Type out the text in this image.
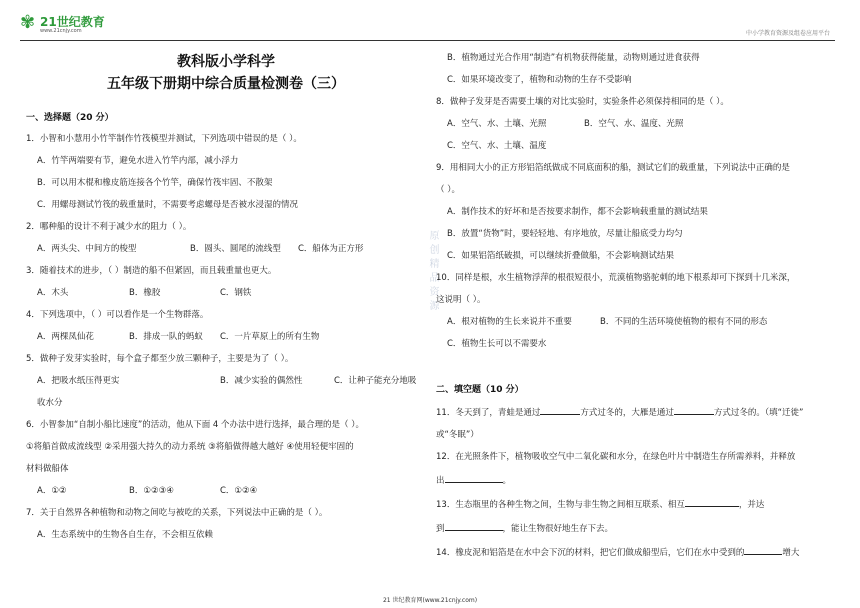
✾ 21世纪教育
www.21cnjy.com	中小学教育资源及组卷应用平台
原创精品资源
教科版小学科学
五年级下册期中综合质量检测卷（三）
一、选择题（20 分）
1．小智和小慧用小竹竿制作竹筏模型并测试，下列选项中错误的是（ ）。
A．竹竿两端要有节，避免水进入竹竿内部，减小浮力
B．可以用木棍和橡皮筋连接各个竹竿，确保竹筏牢固、不散架
C．用螺母测试竹筏的载重量时，不需要考虑螺母是否被水浸湿的情况
2．哪种船的设计不利于减少水的阻力（ ）。
A．两头尖、中间方的梭型	B．圆头、圆尾的流线型	C．船体为正方形
3．随着技术的进步，（ ）制造的船不但紧固，而且载重量也更大。
A．木头	B．橡胶	C．钢铁
4．下列选项中，（ ）可以看作是一个生物群落。
A．两棵凤仙花	B．排成一队的蚂蚁	C．一片草原上的所有生物
5．做种子发芽实验时，每个盒子都至少放三颗种子，主要是为了（ ）。
A．把吸水纸压得更实	B．减少实验的偶然性	C．让种子能充分地吸
收水分
6．小智参加“自制小船比速度”的活动，他从下面 4 个办法中进行选择，最合理的是（ ）。
①将船首做成流线型 ②采用强大持久的动力系统 ③将船做得越大越好 ④使用轻便牢固的
材料做船体
A．①②	B．①②③④	C．①②④
7．关于自然界各种植物和动物之间吃与被吃的关系，下列说法中正确的是（ ）。
A．生态系统中的生物各自生存，不会相互依赖
B．植物通过光合作用“制造”有机物获得能量，动物则通过进食获得
C．如果环境改变了，植物和动物的生存不受影响
8．做种子发芽是否需要土壤的对比实验时，实验条件必须保持相同的是（ ）。
A．空气、水、土壤、光照	B．空气、水、温度、光照
C．空气、水、土壤、温度
9．用相同大小的正方形铝箔纸做成不同底面积的船，测试它们的载重量，下列说法中正确的是
（ ）。
A．制作技术的好坏和是否按要求制作，都不会影响载重量的测试结果
B．放置“货物”时，要轻轻地、有序地放，尽量让船底受力均匀
C．如果铝箔纸破损，可以继续折叠做船，不会影响测试结果
10．同样是根，水生植物浮萍的根很短很小，荒漠植物骆驼刺的地下根系却可下探到十几米深，
这说明（ ）。
A．根对植物的生长来说并不重要	B．不同的生活环境使植物的根有不同的形态
C．植物生长可以不需要水
二、填空题（10 分）
11．冬天到了，青蛙是通过	方式过冬的，大雁是通过	方式过冬的。（填“迁徙”
或“冬眠”）
12．在光照条件下，植物吸收空气中二氧化碳和水分，在绿色叶片中制造生存所需养料，并释放
出	。
13．生态瓶里的各种生物之间，生物与非生物之间相互联系、相互	，并达
到	，能让生物很好地生存下去。
14．橡皮泥和铝箔是在水中会下沉的材料，把它们做成船型后，它们在水中受到的	增大
21 世纪教育网(www.21cnjy.com)
